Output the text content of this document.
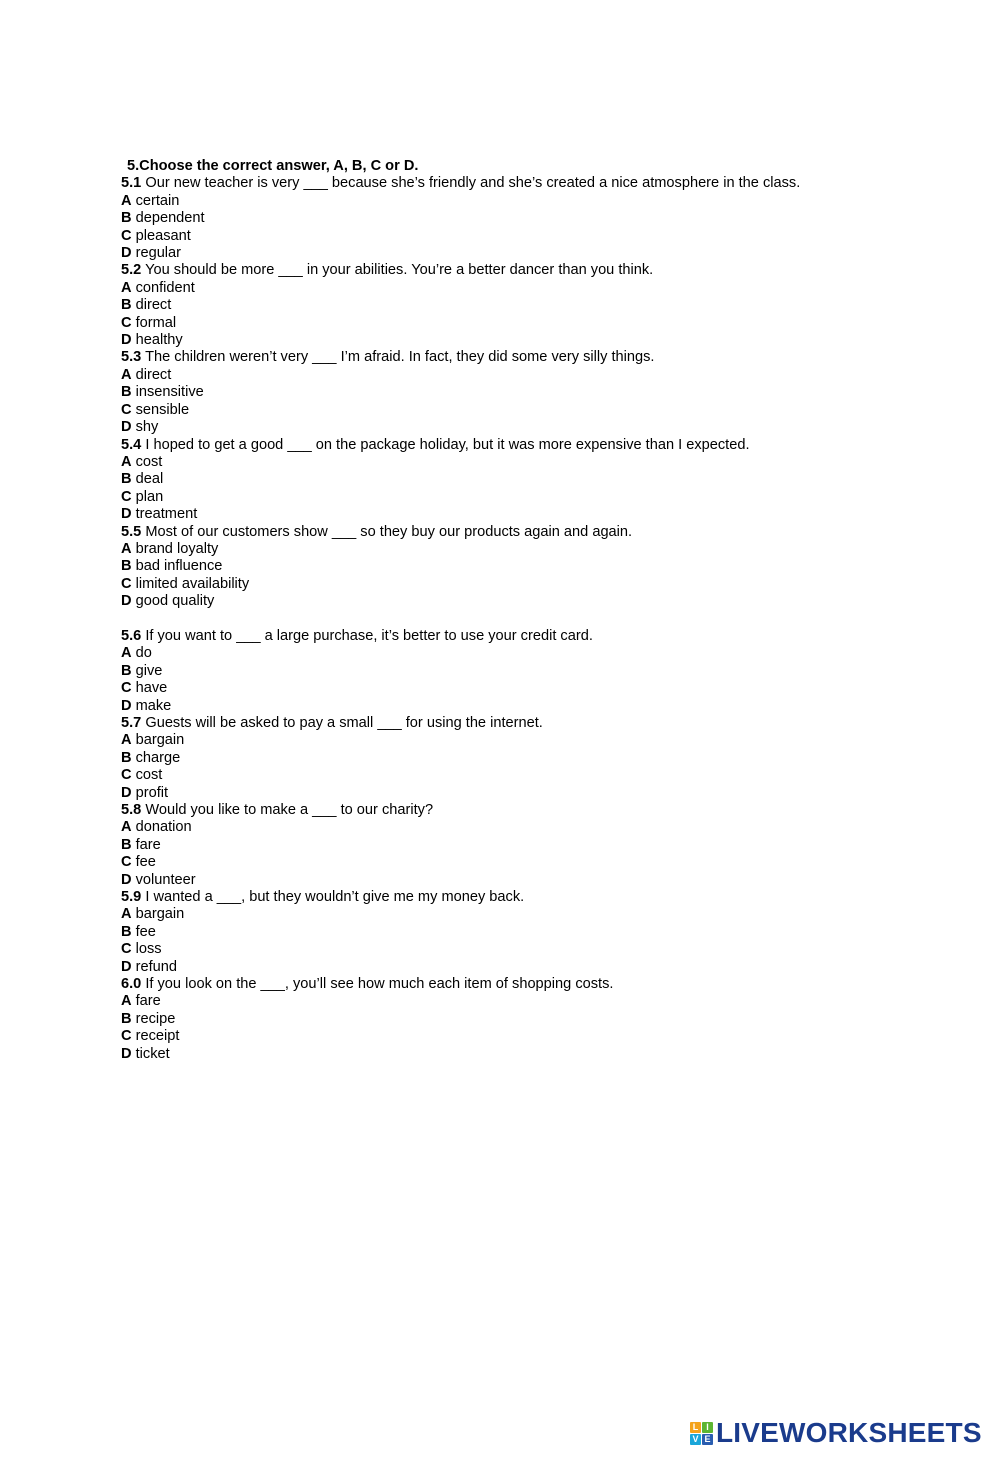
5.Choose the correct answer, A, B, C or D.
5.1 Our new teacher is very ___ because she’s friendly and she’s created a nice atmosphere in the class.
A certain
B dependent
C pleasant
D regular
5.2 You should be more ___ in your abilities. You’re a better dancer than you think.
A confident
B direct
C formal
D healthy
5.3 The children weren’t very ___ I’m afraid. In fact, they did some very silly things.
A direct
B insensitive
C sensible
D shy
5.4 I hoped to get a good ___ on the package holiday, but it was more expensive than I expected.
A cost
B deal
C plan
D treatment
5.5 Most of our customers show ___ so they buy our products again and again.
A brand loyalty
B bad influence
C limited availability
D good quality
5.6 If you want to ___ a large purchase, it’s better to use your credit card.
A do
B give
C have
D make
5.7 Guests will be asked to pay a small ___ for using the internet.
A bargain
B charge
C cost
D profit
5.8 Would you like to make a ___ to our charity?
A donation
B fare
C fee
D volunteer
5.9 I wanted a ___, but they wouldn’t give me my money back.
A bargain
B fee
C loss
D refund
6.0 If you look on the ___, you’ll see how much each item of shopping costs.
A fare
B recipe
C receipt
D ticket
L I
V E LIVEWORKSHEETS
